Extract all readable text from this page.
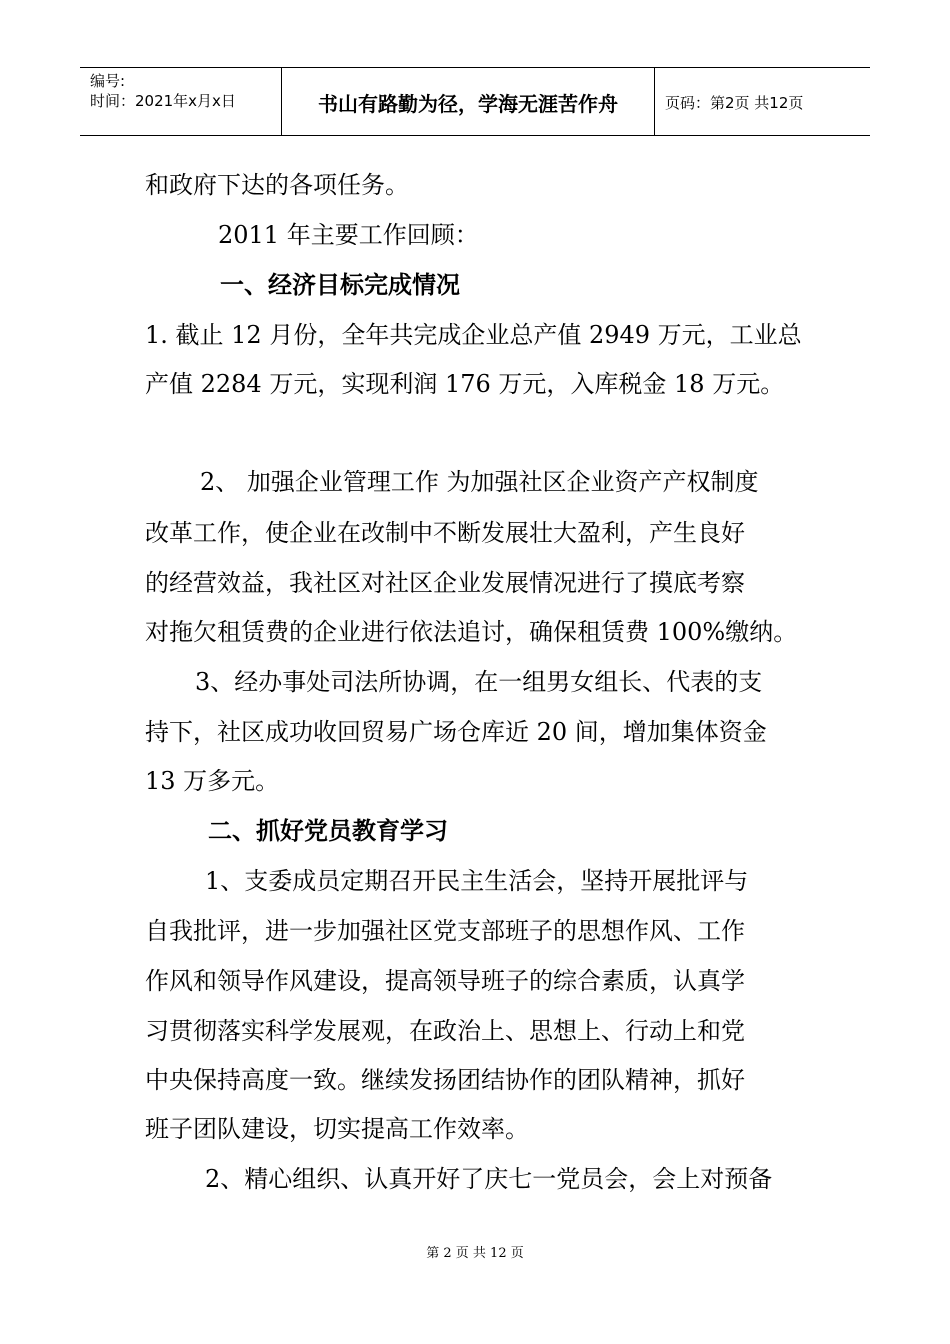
编号:
时间：2021年x月x日	书山有路勤为径，学海无涯苦作舟	页码：第2页 共12页
和政府下达的各项任务。
2011 年主要工作回顾：
一、经济目标完成情况
1. 截止 12 月份，全年共完成企业总产值 2949 万元，工业总
产值 2284 万元，实现利润 176 万元，入库税金 18 万元。
2、 加强企业管理工作 为加强社区企业资产产权制度
改革工作，使企业在改制中不断发展壮大盈利，产生良好
的经营效益，我社区对社区企业发展情况进行了摸底考察
对拖欠租赁费的企业进行依法追讨，确保租赁费 100%缴纳。
3、经办事处司法所协调，在一组男女组长、代表的支
持下，社区成功收回贸易广场仓库近 20 间，增加集体资金
13 万多元。
二、抓好党员教育学习
1、支委成员定期召开民主生活会，坚持开展批评与
自我批评，进一步加强社区党支部班子的思想作风、工作
作风和领导作风建设，提高领导班子的综合素质，认真学
习贯彻落实科学发展观，在政治上、思想上、行动上和党
中央保持高度一致。继续发扬团结协作的团队精神，抓好
班子团队建设，切实提高工作效率。
2、精心组织、认真开好了庆七一党员会，会上对预备
第 2 页 共 12 页
